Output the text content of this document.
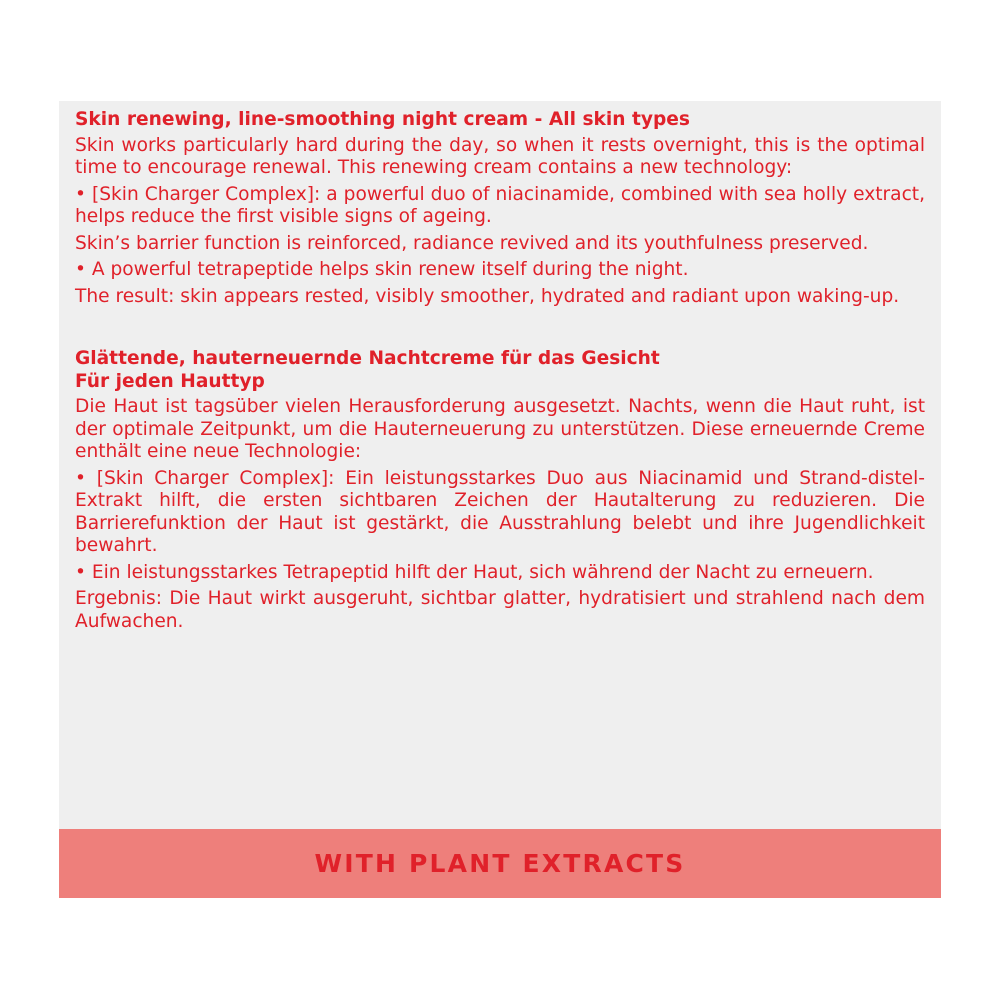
Skin renewing, line-smoothing night cream - All skin types
Skin works particularly hard during the day, so when it rests overnight, this is the optimal time to encourage renewal. This renewing cream contains a new technology:
• [Skin Charger Complex]: a powerful duo of niacinamide, combined with sea holly extract, helps reduce the first visible signs of ageing.
Skin’s barrier function is reinforced, radiance revived and its youthfulness preserved.
• A powerful tetrapeptide helps skin renew itself during the night.
The result: skin appears rested, visibly smoother, hydrated and radiant upon waking-up.
Glättende, hauterneuernde Nachtcreme für das Gesicht
Für jeden Hauttyp
Die Haut ist tagsüber vielen Herausforderung ausgesetzt. Nachts, wenn die Haut ruht, ist der optimale Zeitpunkt, um die Hauterneuerung zu unterstützen. Diese erneuernde Creme enthält eine neue Technologie:
• [Skin Charger Complex]: Ein leistungsstarkes Duo aus Niacinamid und Strand-distel-Extrakt hilft, die ersten sichtbaren Zeichen der Hautalterung zu reduzieren. Die Barrierefunktion der Haut ist gestärkt, die Ausstrahlung belebt und ihre Jugendlichkeit bewahrt.
• Ein leistungsstarkes Tetrapeptid hilft der Haut, sich während der Nacht zu erneuern.
Ergebnis: Die Haut wirkt ausgeruht, sichtbar glatter, hydratisiert und strahlend nach dem Aufwachen.
WITH PLANT EXTRACTS
